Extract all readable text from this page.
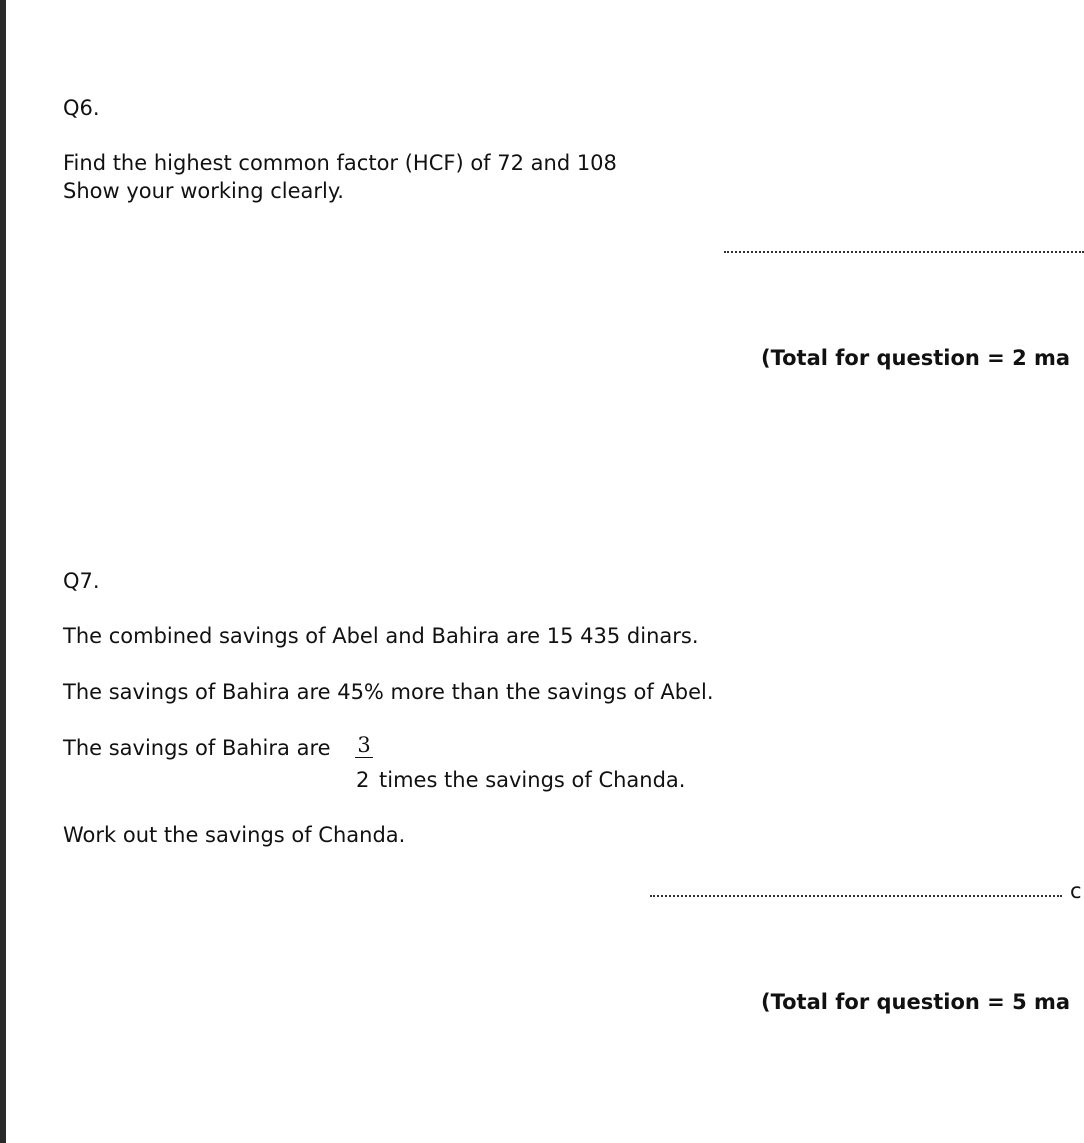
Q6.
Find the highest common factor (HCF) of 72 and 108
Show your working clearly.
(Total for question = 2 ma
Q7.
The combined savings of Abel and Bahira are 15 435 dinars.
The savings of Bahira are 45% more than the savings of Abel.
The savings of Bahira are 3
2 times the savings of Chanda.
Work out the savings of Chanda.
c
(Total for question = 5 ma
